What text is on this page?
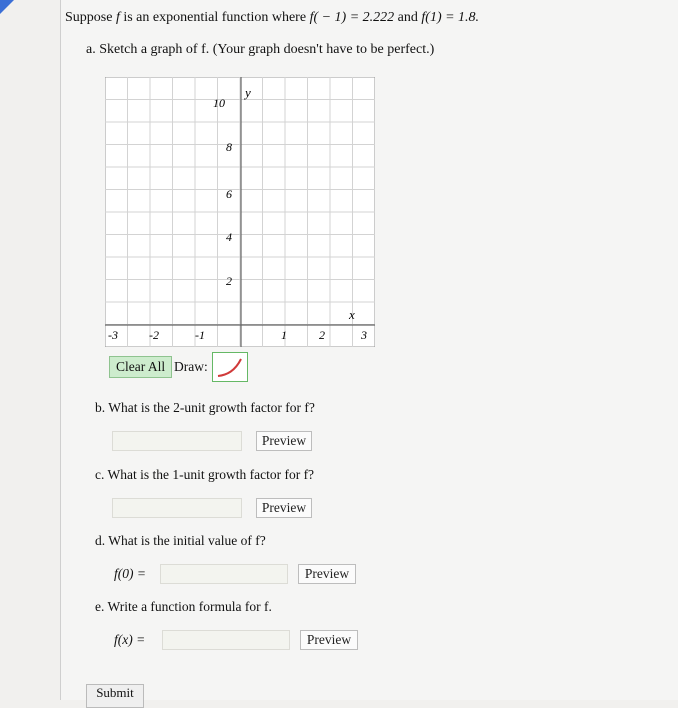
Suppose f is an exponential function where f( − 1) = 2.222 and f(1) = 1.8.
a. Sketch a graph of f. (Your graph doesn't have to be perfect.)
y
x
10
8
6
4
2
-3	-2	-1	1	2	3
Clear All Draw:
b. What is the 2-unit growth factor for f?
Preview
c. What is the 1-unit growth factor for f?
Preview
d. What is the initial value of f?
f(0) =	Preview
e. Write a function formula for f.
f(x) =	Preview
Submit
